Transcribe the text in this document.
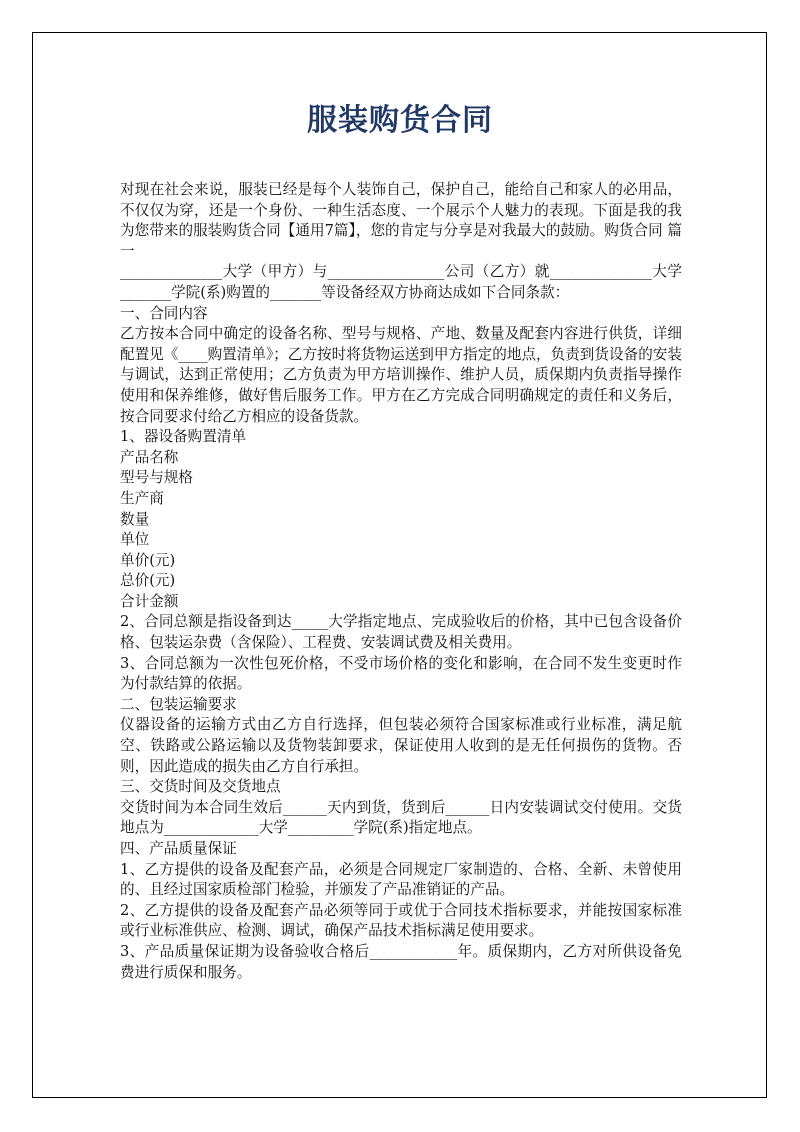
服装购货合同

对现在社会来说，服装已经是每个人装饰自己，保护自己，能给自己和家人的必用品，不仅仅为穿，还是一个身份、一种生活态度、一个展示个人魅力的表现。下面是我的我为您带来的服装购货合同【通用7篇】，您的肯定与分享是对我最大的鼓励。购货合同 篇一

______________大学（甲方）与________________公司（乙方）就______________大学_______学院(系)购置的_______等设备经双方协商达成如下合同条款：

一、合同内容

乙方按本合同中确定的设备名称、型号与规格、产地、数量及配套内容进行供货，详细配置见《____购置清单》；乙方按时将货物运送到甲方指定的地点，负责到货设备的安装与调试，达到正常使用；乙方负责为甲方培训操作、维护人员，质保期内负责指导操作使用和保养维修，做好售后服务工作。甲方在乙方完成合同明确规定的责任和义务后，按合同要求付给乙方相应的设备货款。

1、器设备购置清单

产品名称

型号与规格

生产商

数量

单位

单价(元)

总价(元)

合计金额

2、合同总额是指设备到达_____大学指定地点、完成验收后的价格，其中已包含设备价格、包装运杂费（含保险）、工程费、安装调试费及相关费用。

3、合同总额为一次性包死价格，不受市场价格的变化和影响，在合同不发生变更时作为付款结算的依据。

二、包装运输要求

仪器设备的运输方式由乙方自行选择，但包装必须符合国家标准或行业标准，满足航空、铁路或公路运输以及货物装卸要求，保证使用人收到的是无任何损伤的货物。否则，因此造成的损失由乙方自行承担。

三、交货时间及交货地点

交货时间为本合同生效后______天内到货，货到后______日内安装调试交付使用。交货地点为_____________大学_________学院(系)指定地点。

四、产品质量保证

1、乙方提供的设备及配套产品，必须是合同规定厂家制造的、合格、全新、未曾使用的、且经过国家质检部门检验，并颁发了产品准销证的产品。

2、乙方提供的设备及配套产品必须等同于或优于合同技术指标要求，并能按国家标准或行业标准供应、检测、调试，确保产品技术指标满足使用要求。

3、产品质量保证期为设备验收合格后____________年。质保期内，乙方对所供设备免费进行质保和服务。
